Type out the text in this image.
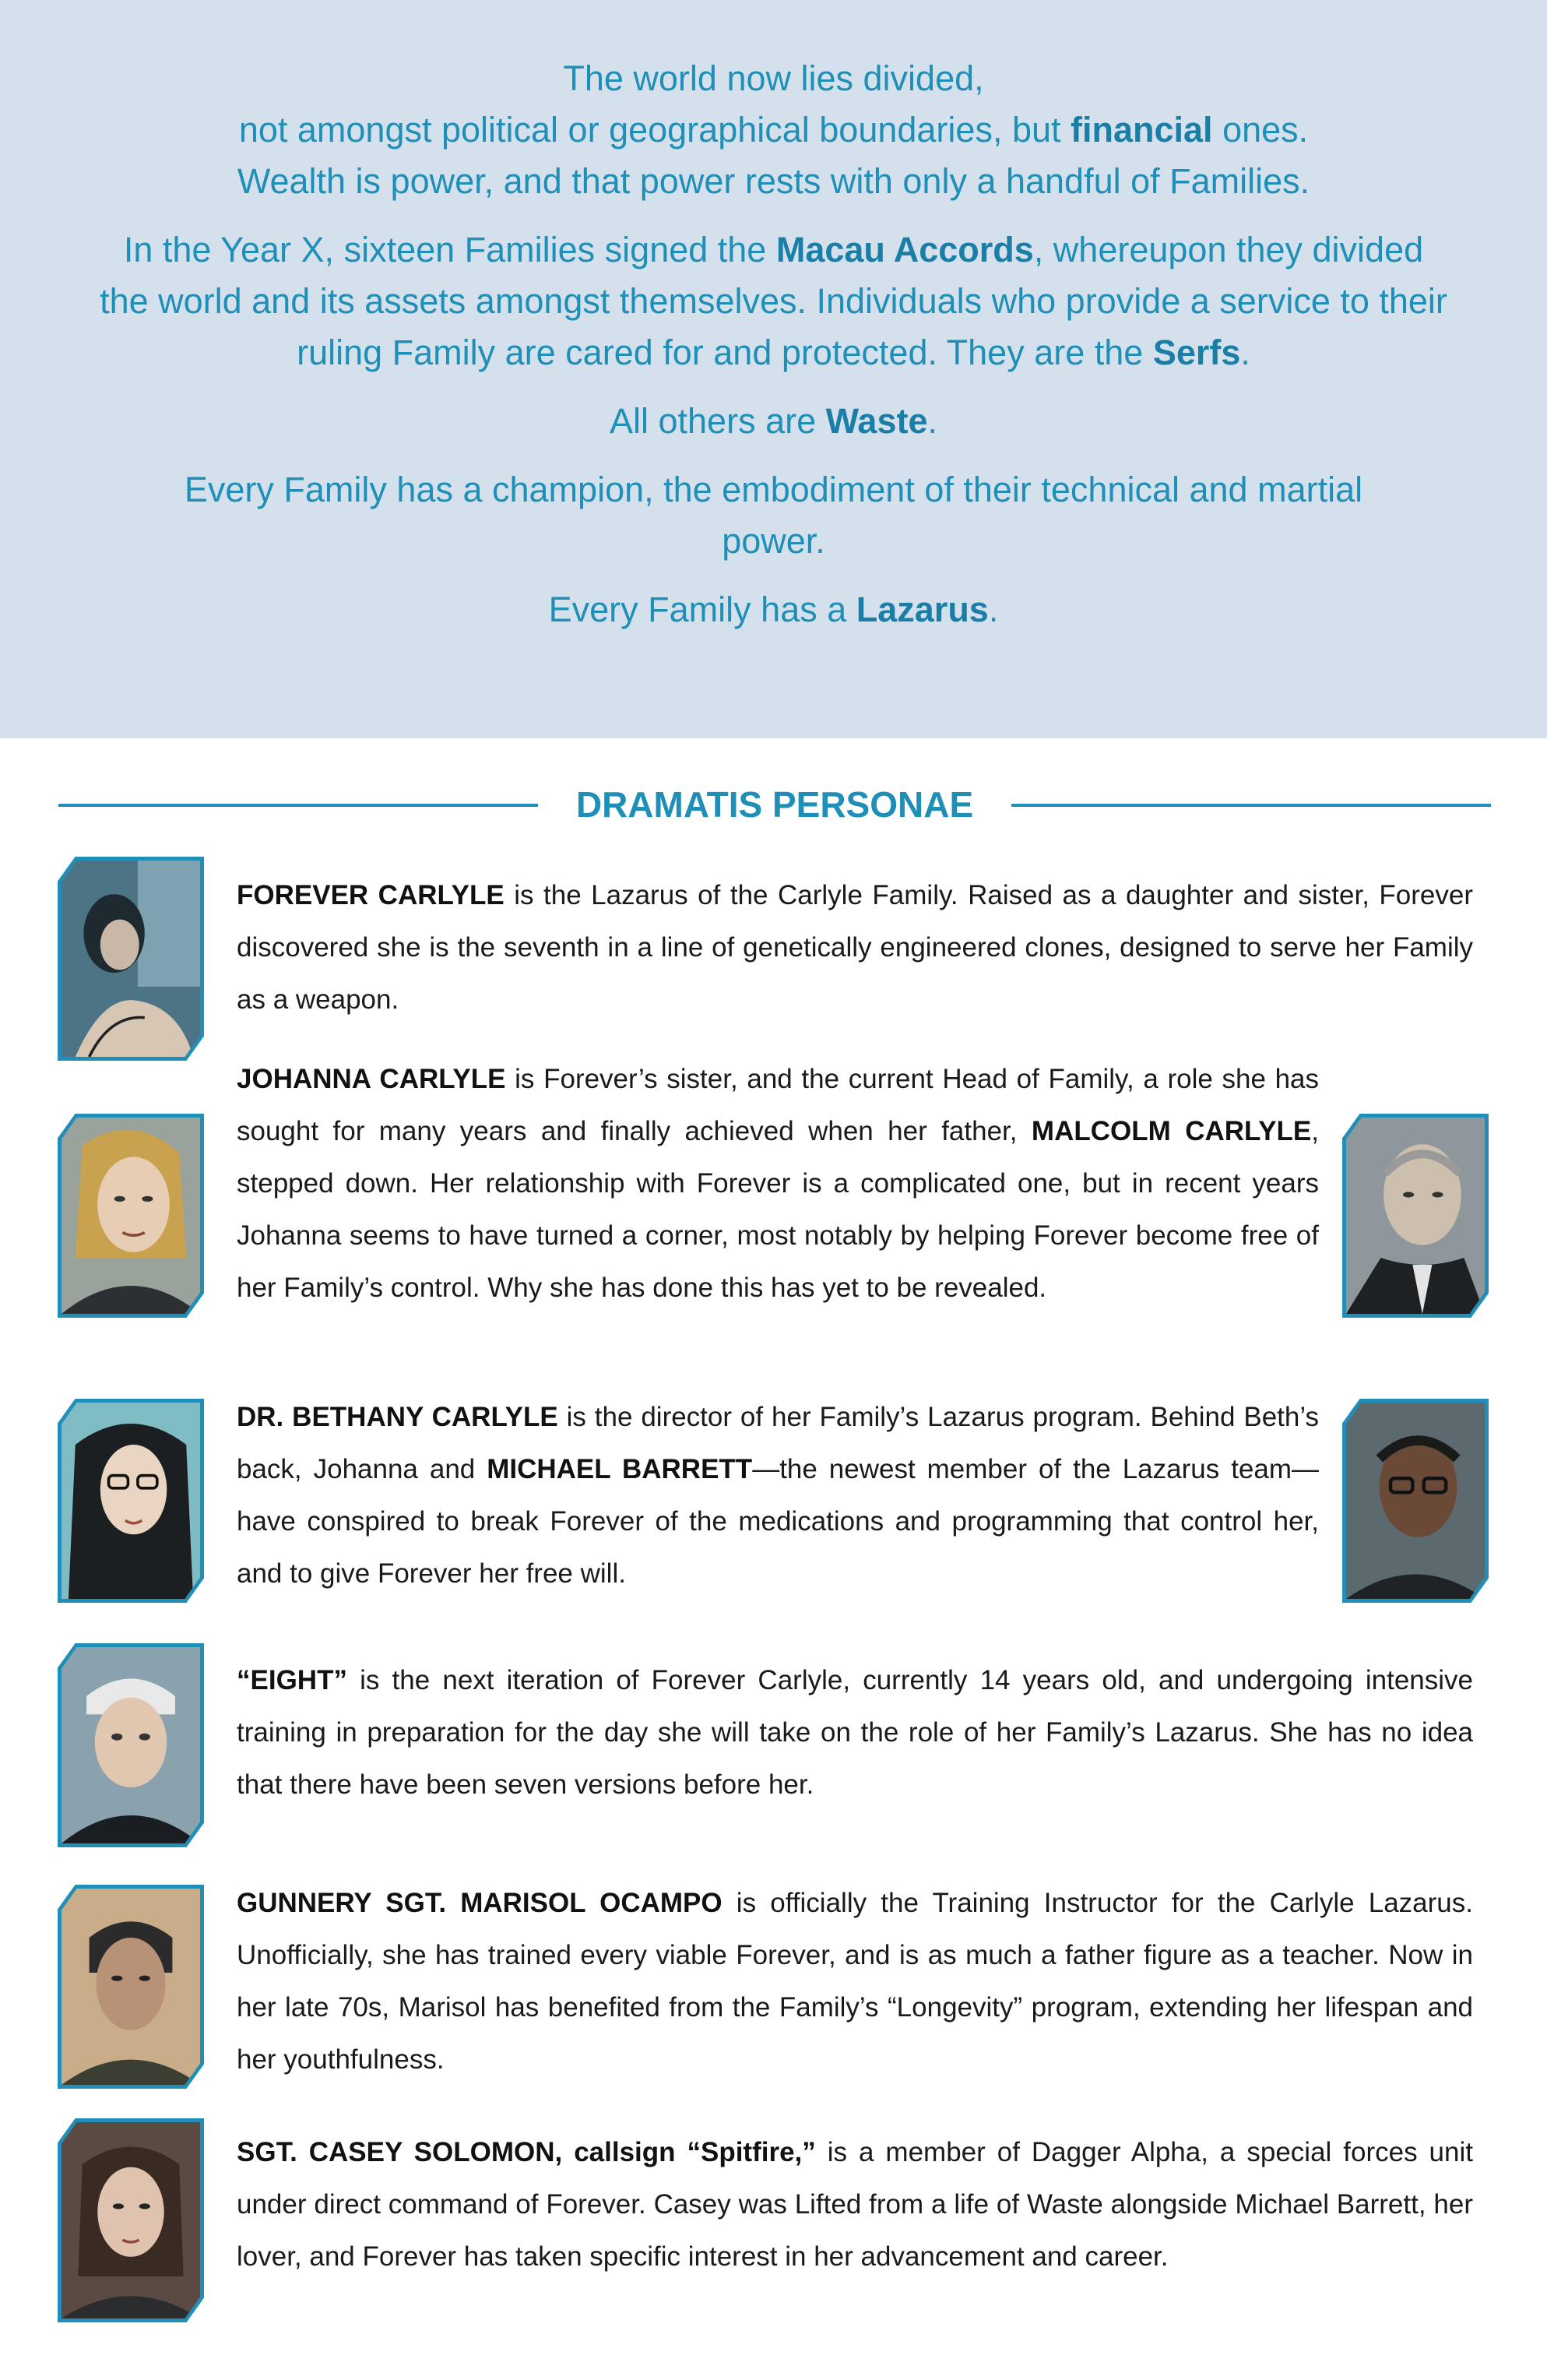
The world now lies divided,
not amongst political or geographical boundaries, but financial ones.
Wealth is power, and that power rests with only a handful of Families.

In the Year X, sixteen Families signed the Macau Accords, whereupon they divided the world and its assets amongst themselves. Individuals who provide a service to their ruling Family are cared for and protected. They are the Serfs.

All others are Waste.

Every Family has a champion, the embodiment of their technical and martial power.

Every Family has a Lazarus.

DRAMATIS PERSONAE

FOREVER CARLYLE is the Lazarus of the Carlyle Family. Raised as a daughter and sister, Forever discovered she is the seventh in a line of genetically engineered clones, designed to serve her Family as a weapon.

JOHANNA CARLYLE is Forever’s sister, and the current Head of Family, a role she has sought for many years and finally achieved when her father, MALCOLM CARLYLE, stepped down. Her relationship with Forever is a complicated one, but in recent years Johanna seems to have turned a corner, most notably by helping Forever become free of her Family’s control. Why she has done this has yet to be revealed.

DR. BETHANY CARLYLE is the director of her Family’s Lazarus program. Behind Beth’s back, Johanna and MICHAEL BARRETT—the newest member of the Lazarus team—have conspired to break Forever of the medications and programming that control her, and to give Forever her free will.

“EIGHT” is the next iteration of Forever Carlyle, currently 14 years old, and undergoing intensive training in preparation for the day she will take on the role of her Family’s Lazarus. She has no idea that there have been seven versions before her.

GUNNERY SGT. MARISOL OCAMPO is officially the Training Instructor for the Carlyle Lazarus. Unofficially, she has trained every viable Forever, and is as much a father figure as a teacher. Now in her late 70s, Marisol has benefited from the Family’s “Longevity” program, extending her lifespan and her youthfulness.

SGT. CASEY SOLOMON, callsign “Spitfire,” is a member of Dagger Alpha, a special forces unit under direct command of Forever. Casey was Lifted from a life of Waste alongside Michael Barrett, her lover, and Forever has taken specific interest in her advancement and career.
